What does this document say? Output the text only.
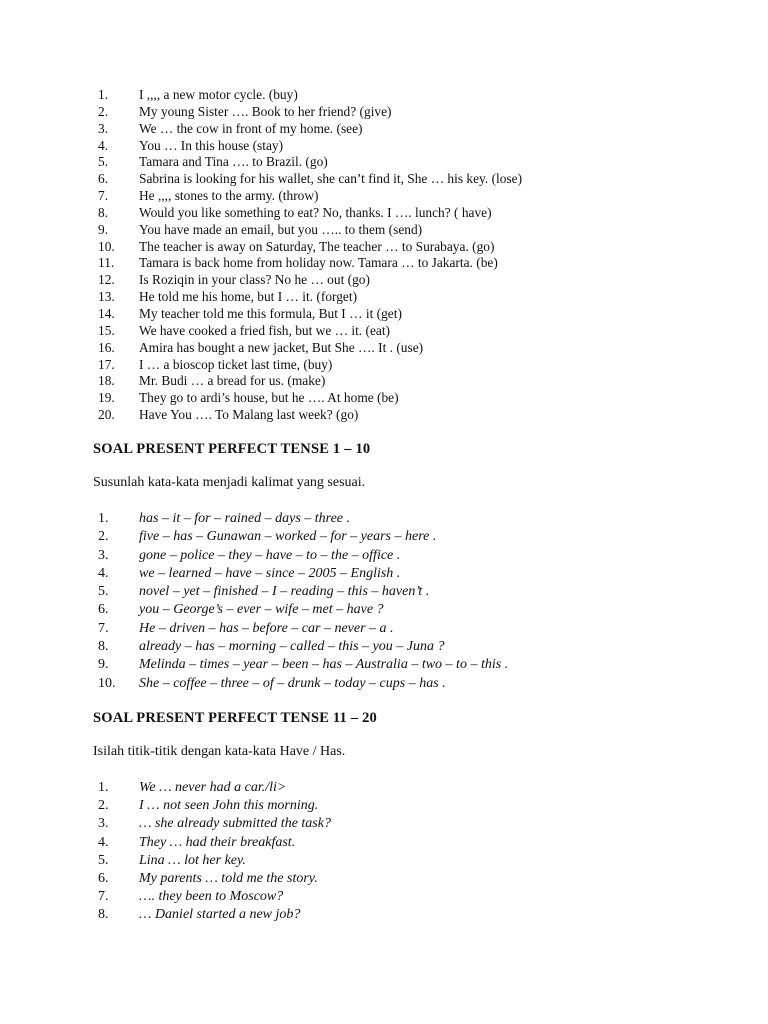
1.	I ,,,, a new motor cycle. (buy)
2.	My young Sister …. Book to her friend? (give)
3.	We … the cow in front of my home. (see)
4.	You … In this house (stay)
5.	Tamara and Tina …. to Brazil. (go)
6.	Sabrina is looking for his wallet, she can’t find it, She … his key. (lose)
7.	He ,,,, stones to the army. (throw)
8.	Would you like something to eat? No, thanks. I …. lunch? ( have)
9.	You have made an email, but you ….. to them (send)
10.	The teacher is away on Saturday, The teacher … to Surabaya. (go)
11.	Tamara is back home from holiday now. Tamara … to Jakarta. (be)
12.	Is Roziqin in your class? No he … out (go)
13.	He told me his home, but I … it. (forget)
14.	My teacher told me this formula, But I … it (get)
15.	We have cooked a fried fish, but we … it. (eat)
16.	Amira has bought a new jacket, But She …. It . (use)
17.	I … a bioscop ticket last time, (buy)
18.	Mr. Budi … a bread for us. (make)
19.	They go to ardi’s house, but he …. At home (be)
20.	Have You …. To Malang last week? (go)
SOAL PRESENT PERFECT TENSE 1 – 10
Susunlah kata-kata menjadi kalimat yang sesuai.
1.	has – it – for – rained – days – three .
2.	five – has – Gunawan – worked – for – years – here .
3.	gone – police – they – have – to – the – office .
4.	we – learned – have – since – 2005 – English .
5.	novel – yet – finished – I – reading – this – haven’t .
6.	you – George’s – ever – wife – met – have ?
7.	He – driven – has – before – car – never – a .
8.	already – has – morning – called – this – you – Juna ?
9.	Melinda – times – year – been – has – Australia – two – to – this .
10.	She – coffee – three – of – drunk – today – cups – has .
SOAL PRESENT PERFECT TENSE 11 – 20
Isilah titik-titik dengan kata-kata Have / Has.
1.	We … never had a car./li>
2.	I … not seen John this morning.
3.	… she already submitted the task?
4.	They … had their breakfast.
5.	Lina … lot her key.
6.	My parents … told me the story.
7.	…. they been to Moscow?
8.	… Daniel started a new job?
